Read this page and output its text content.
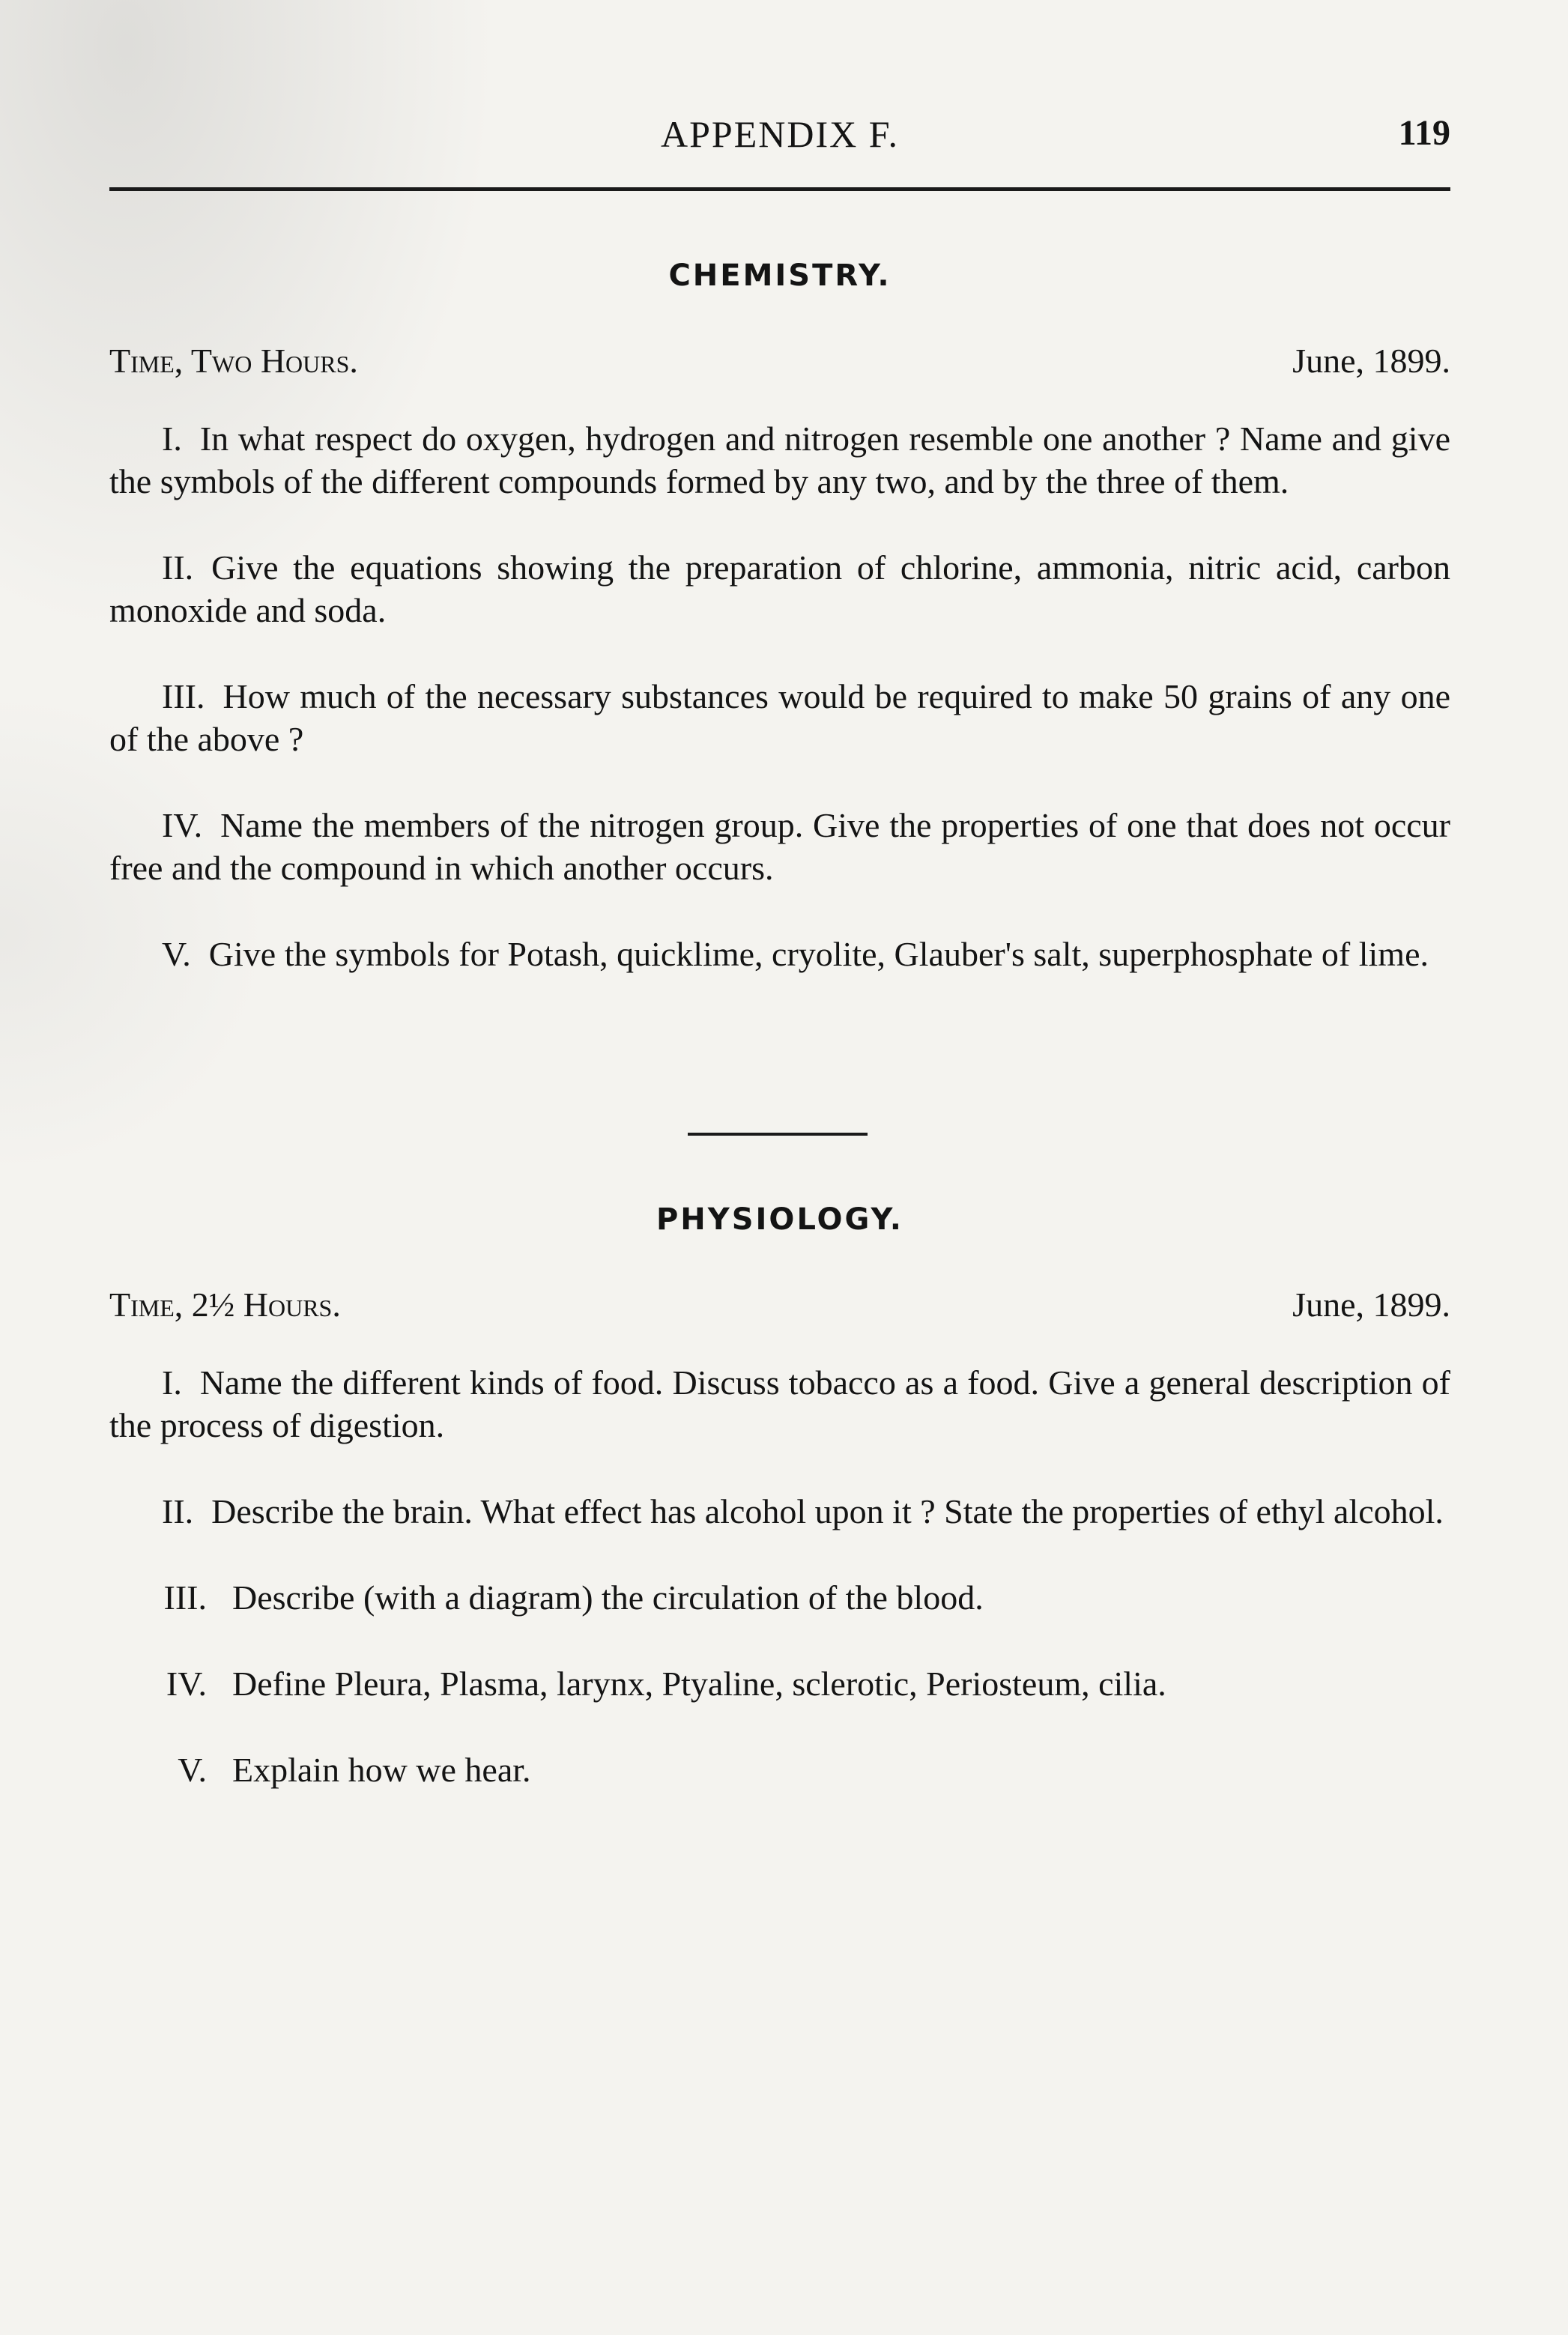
APPENDIX F.	119
CHEMISTRY.
Time, Two Hours.	June, 1899.

I. In what respect do oxygen, hydrogen and nitrogen resemble one another ? Name and give the symbols of the different compounds formed by any two, and by the three of them.

II. Give the equations showing the preparation of chlorine, ammonia, nitric acid, carbon monoxide and soda.

III. How much of the necessary substances would be required to make 50 grains of any one of the above ?

IV. Name the members of the nitrogen group. Give the properties of one that does not occur free and the compound in which another occurs.

V. Give the symbols for Potash, quicklime, cryolite, Glauber's salt, superphosphate of lime.

PHYSIOLOGY.
Time, 2½ Hours.	June, 1899.

I. Name the different kinds of food. Discuss tobacco as a food. Give a general description of the process of digestion.

II. Describe the brain. What effect has alcohol upon it ? State the properties of ethyl alcohol.

III. Describe (with a diagram) the circulation of the blood.

IV. Define Pleura, Plasma, larynx, Ptyaline, sclerotic, Periosteum, cilia.

V. Explain how we hear.
